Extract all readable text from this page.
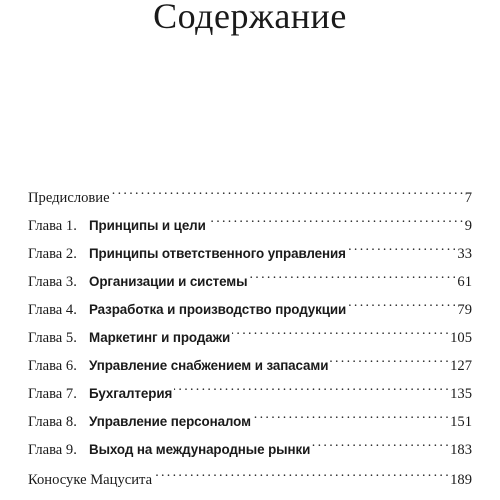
Содержание
Предисловие . . .	7
Глава 1. Принципы и цели . . .	9
Глава 2. Принципы ответственного управления . . .	33
Глава 3. Организации и системы . . .	61
Глава 4. Разработка и производство продукции . . .	79
Глава 5. Маркетинг и продажи . . .	105
Глава 6. Управление снабжением и запасами . . .	127
Глава 7. Бухгалтерия . . .	135
Глава 8. Управление персоналом . . .	151
Глава 9. Выход на международные рынки . . .	183
Коносуке Мацусита . . .	189
